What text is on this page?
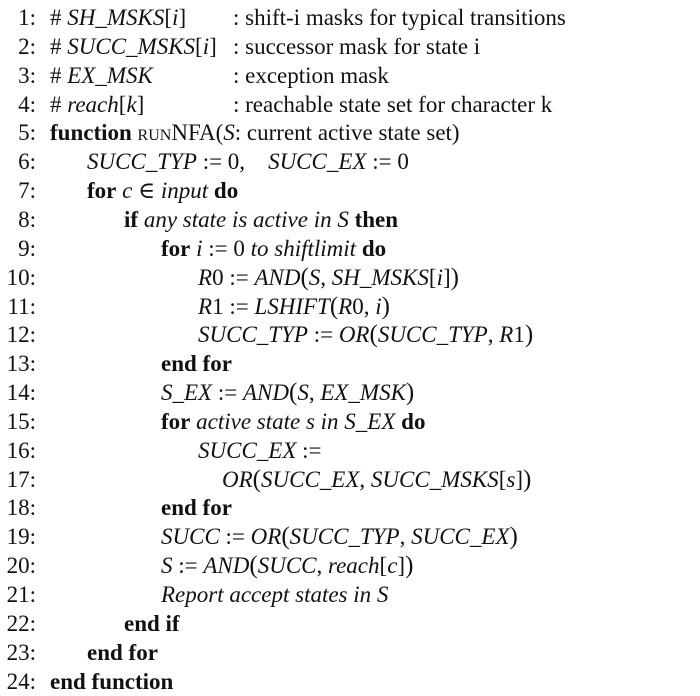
1: # SH_MSKS[i] : shift-i masks for typical transitions
2: # SUCC_MSKS[i] : successor mask for state i
3: # EX_MSK	: exception mask
4: # reach[k]	: reachable state set for character k
5: function runNFA(S: current active state set)
6: SUCC_TYP := 0,    SUCC_EX := 0
7: for c ∈ input do
8:	if any state is active in S then
9:	for i := 0 to shiftlimit do
10:	R0 := AND(S, SH_MSKS[i])
11:	R1 := LSHIFT(R0, i)
12:	SUCC_TYP := OR(SUCC_TYP, R1)
13:	end for
14:	S_EX := AND(S, EX_MSK)
15:	for active state s in S_EX do
16:	SUCC_EX :=
17:	OR(SUCC_EX, SUCC_MSKS[s])
18:	end for
19:	SUCC := OR(SUCC_TYP, SUCC_EX)
20:	S := AND(SUCC, reach[c])
21:	Report accept states in S
22:	end if
23: end for
24: end function
